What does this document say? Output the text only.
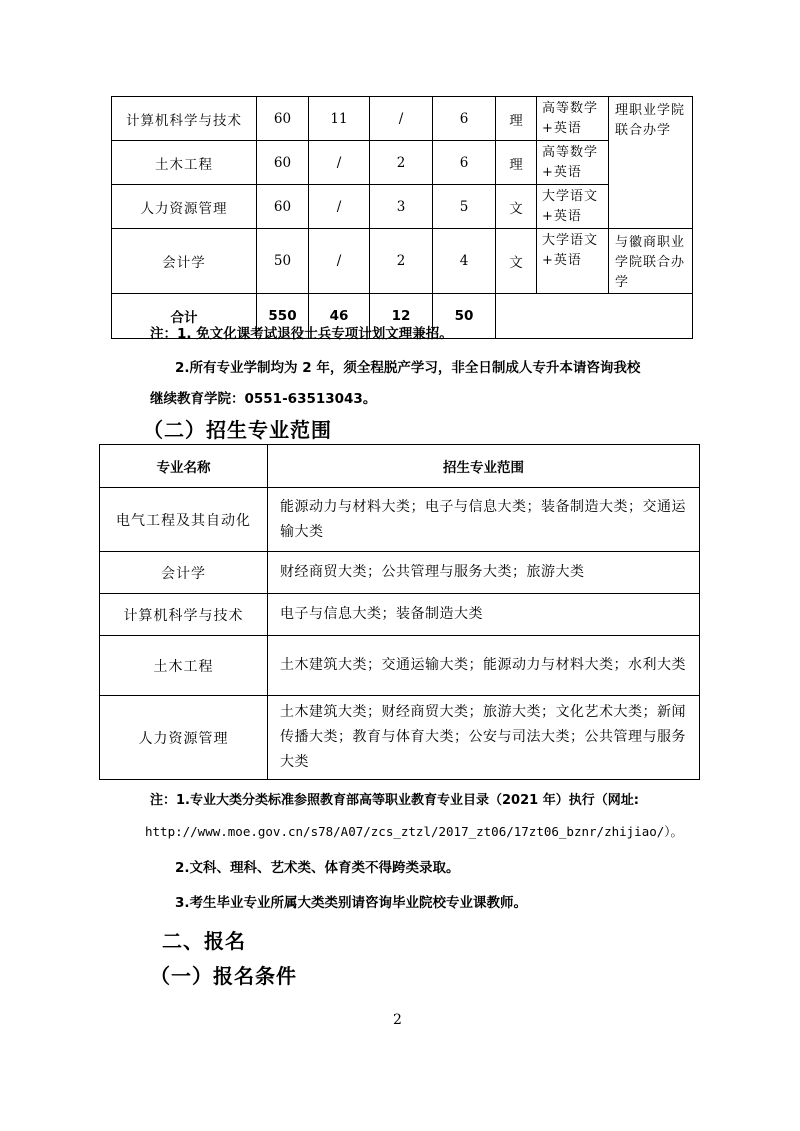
计算机科学与技术	60	11	/	6	理	高等数学
+英语	理职业学院联合办学

土木工程	60	/	2	6	理	高等数学
+英语	
人力资源管理	60	/	3	5	文	大学语文
+英语	
会计学	50	/	2	4	文	大学语文
+英语	与徽商职业学院联合办学

合计	550	46	12	50			
注：1. 免文化课考试退役士兵专项计划文理兼招。
2.所有专业学制均为 2 年，须全程脱产学习，非全日制成人专升本请咨询我校
继续教育学院：0551-63513043。
（二）招生专业范围
专业名称	招生专业范围
电气工程及其自动化	能源动力与材料大类；电子与信息大类；装备制造大类；交通运输大类
会计学	财经商贸大类；公共管理与服务大类；旅游大类
计算机科学与技术	电子与信息大类；装备制造大类
土木工程	土木建筑大类；交通运输大类；能源动力与材料大类；水利大类
人力资源管理	土木建筑大类；财经商贸大类；旅游大类；文化艺术大类；新闻传播大类；教育与体育大类；公安与司法大类；公共管理与服务大类
注：1.专业大类分类标准参照教育部高等职业教育专业目录（2021 年）执行（网址:
http://www.moe.gov.cn/s78/A07/zcs_ztzl/2017_zt06/17zt06_bznr/zhijiao/）。
2.文科、理科、艺术类、体育类不得跨类录取。
3.考生毕业专业所属大类类别请咨询毕业院校专业课教师。
二、报名
（一）报名条件
2
